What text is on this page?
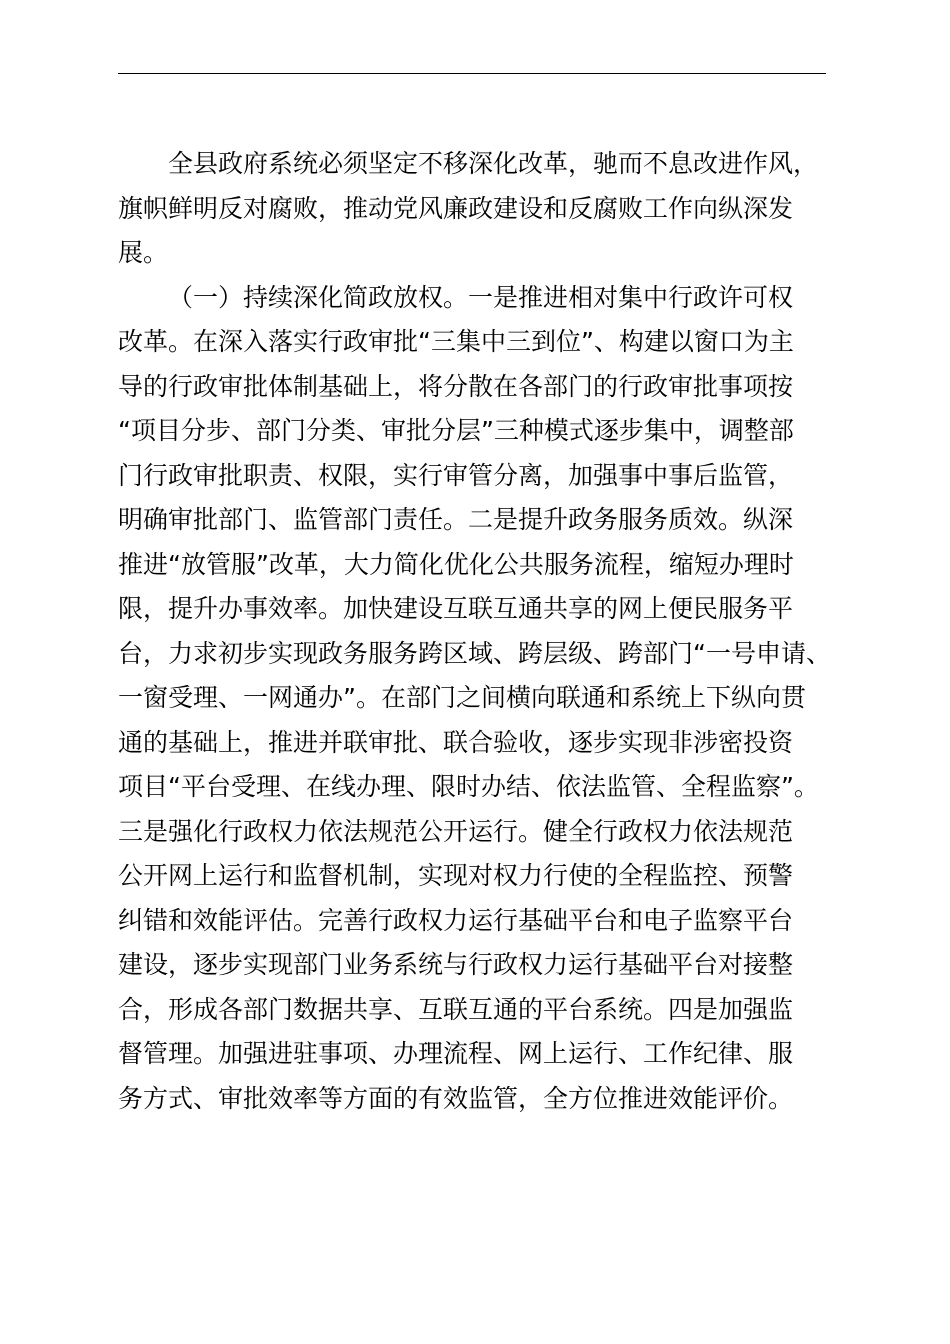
全县政府系统必须坚定不移深化改革，驰而不息改进作风，
旗帜鲜明反对腐败，推动党风廉政建设和反腐败工作向纵深发
展。
（一）持续深化简政放权。一是推进相对集中行政许可权
改革。在深入落实行政审批“三集中三到位”、构建以窗口为主
导的行政审批体制基础上，将分散在各部门的行政审批事项按
“项目分步、部门分类、审批分层”三种模式逐步集中，调整部
门行政审批职责、权限，实行审管分离，加强事中事后监管，
明确审批部门、监管部门责任。二是提升政务服务质效。纵深
推进“放管服”改革，大力简化优化公共服务流程，缩短办理时
限，提升办事效率。加快建设互联互通共享的网上便民服务平
台，力求初步实现政务服务跨区域、跨层级、跨部门“一号申请、
一窗受理、一网通办”。在部门之间横向联通和系统上下纵向贯
通的基础上，推进并联审批、联合验收，逐步实现非涉密投资
项目“平台受理、在线办理、限时办结、依法监管、全程监察”。
三是强化行政权力依法规范公开运行。健全行政权力依法规范
公开网上运行和监督机制，实现对权力行使的全程监控、预警
纠错和效能评估。完善行政权力运行基础平台和电子监察平台
建设，逐步实现部门业务系统与行政权力运行基础平台对接整
合，形成各部门数据共享、互联互通的平台系统。四是加强监
督管理。加强进驻事项、办理流程、网上运行、工作纪律、服
务方式、审批效率等方面的有效监管，全方位推进效能评价。
